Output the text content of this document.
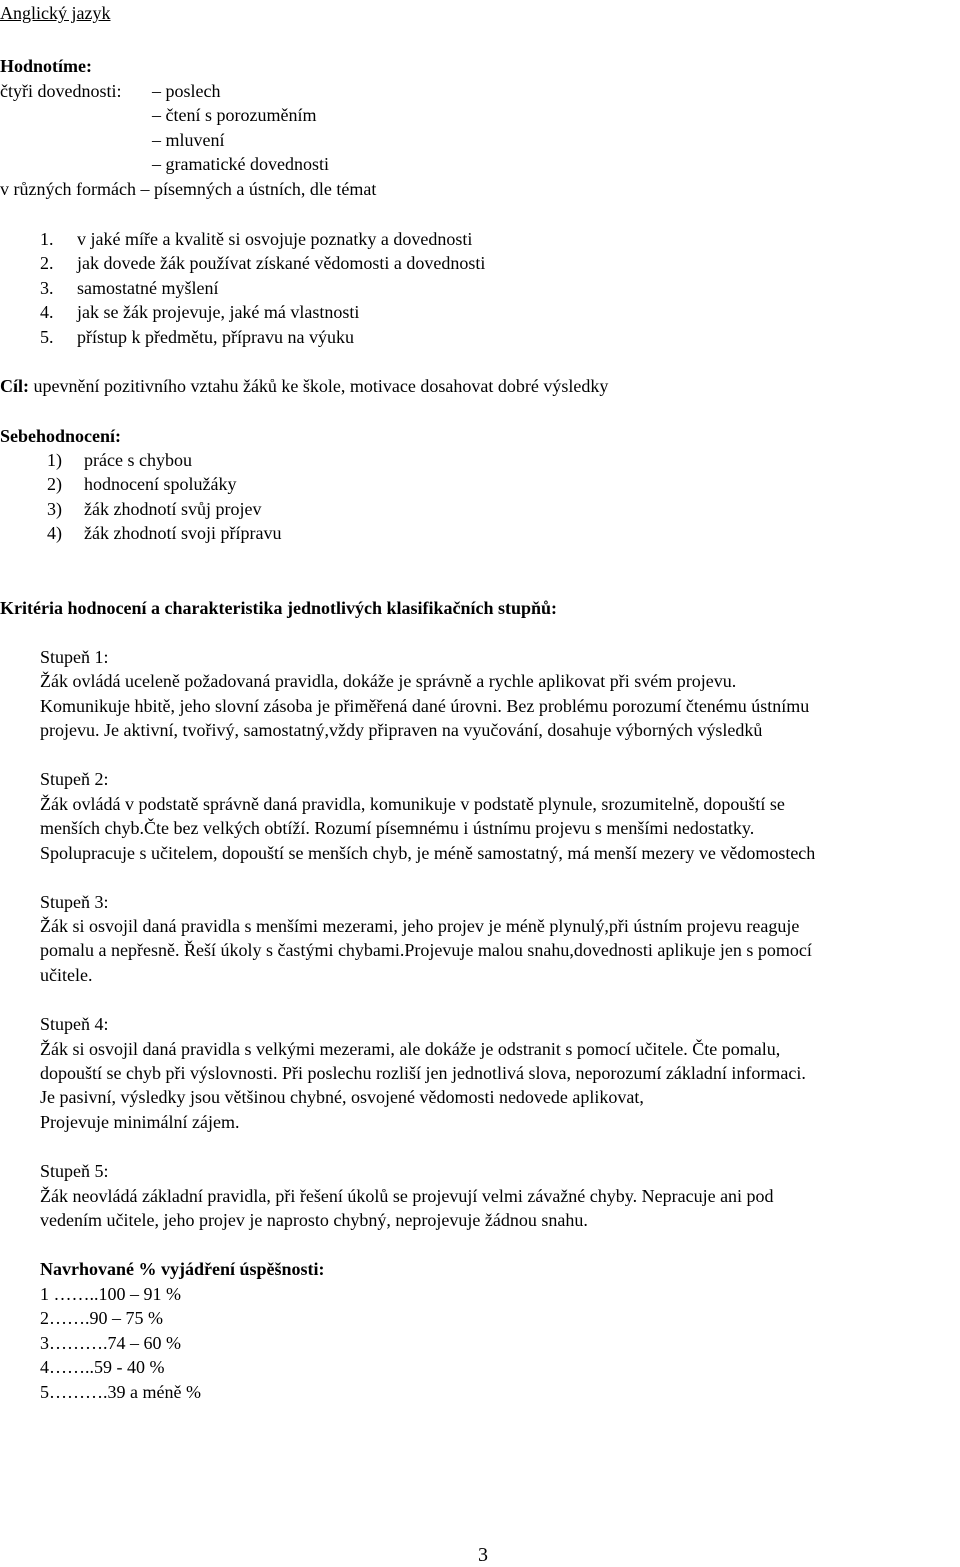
Anglický jazyk
Hodnotíme:
čtyři dovednosti: – poslech
– čtení s porozuměním
– mluvení
– gramatické dovednosti
v různých formách – písemných a ústních, dle témat
1. v jaké míře a kvalitě si osvojuje poznatky a dovednosti
2. jak dovede žák používat získané vědomosti a dovednosti
3. samostatné myšlení
4. jak se žák projevuje, jaké má vlastnosti
5. přístup k předmětu, přípravu na výuku
Cíl: upevnění pozitivního vztahu žáků ke škole, motivace dosahovat dobré výsledky
Sebehodnocení:
1) práce s chybou
2) hodnocení spolužáky
3) žák zhodnotí svůj projev
4) žák zhodnotí svoji přípravu
Kritéria hodnocení a charakteristika jednotlivých klasifikačních stupňů:
Stupeň 1:
Žák ovládá uceleně požadovaná pravidla, dokáže je správně a rychle aplikovat při svém projevu.
Komunikuje hbitě, jeho slovní zásoba je přiměřená dané úrovni. Bez problému porozumí čtenému ústnímu
projevu. Je aktivní, tvořivý, samostatný,vždy připraven na vyučování, dosahuje výborných výsledků
Stupeň 2:
Žák ovládá v podstatě správně daná pravidla, komunikuje v podstatě plynule, srozumitelně, dopouští se
menších chyb.Čte bez velkých obtíží. Rozumí písemnému i ústnímu projevu s menšími nedostatky.
Spolupracuje s učitelem, dopouští se menších chyb, je méně samostatný, má menší mezery ve vědomostech
Stupeň 3:
Žák si osvojil daná pravidla s menšími mezerami, jeho projev je méně plynulý,při ústním projevu reaguje
pomalu a nepřesně. Řeší úkoly s častými chybami.Projevuje malou snahu,dovednosti aplikuje jen s pomocí
učitele.
Stupeň 4:
Žák si osvojil daná pravidla s velkými mezerami, ale dokáže je odstranit s pomocí učitele. Čte pomalu,
dopouští se chyb při výslovnosti. Při poslechu rozliší jen jednotlivá slova, neporozumí základní informaci.
Je pasivní, výsledky jsou většinou chybné, osvojené vědomosti nedovede aplikovat,
Projevuje minimální zájem.
Stupeň 5:
Žák neovládá základní pravidla, při řešení úkolů se projevují velmi závažné chyby. Nepracuje ani pod
vedením učitele, jeho projev je naprosto chybný, neprojevuje žádnou snahu.
Navrhované % vyjádření úspěšnosti:
1 ……..100 – 91 %
2…….90 – 75 %
3……….74 – 60 %
4……..59 - 40 %
5……….39 a méně %
3
